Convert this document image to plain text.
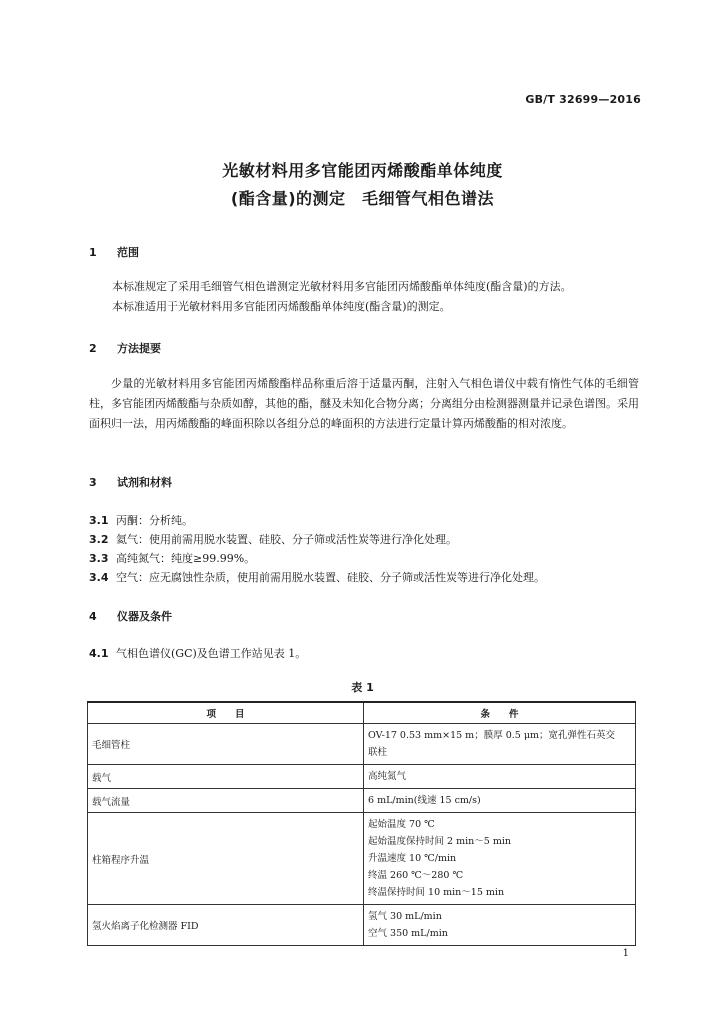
GB/T 32699—2016
光敏材料用多官能团丙烯酸酯单体纯度
(酯含量)的测定　毛细管气相色谱法
1 范围
本标准规定了采用毛细管气相色谱测定光敏材料用多官能团丙烯酸酯单体纯度(酯含量)的方法。
本标准适用于光敏材料用多官能团丙烯酸酯单体纯度(酯含量)的测定。
2 方法提要
少量的光敏材料用多官能团丙烯酸酯样品称重后溶于适量丙酮，注射入气相色谱仪中载有惰性气体的毛细管柱，多官能团丙烯酸酯与杂质如醇，其他的酯，醚及未知化合物分离；分离组分由检测器测量并记录色谱图。采用面积归一法，用丙烯酸酯的峰面积除以各组分总的峰面积的方法进行定量计算丙烯酸酯的相对浓度。
3 试剂和材料
3.1 丙酮：分析纯。
3.2 氦气：使用前需用脱水装置、硅胶、分子筛或活性炭等进行净化处理。
3.3 高纯氮气：纯度≥99.99%。
3.4 空气：应无腐蚀性杂质，使用前需用脱水装置、硅胶、分子筛或活性炭等进行净化处理。
4 仪器及条件
4.1 气相色谱仪(GC)及色谱工作站见表 1。
表 1
项　　目	条　　件
毛细管柱	OV-17 0.53 mm×15 m；膜厚 0.5 μm；宽孔弹性石英交
联柱

载气	高纯氮气

载气流量	6 mL/min(线速 15 cm/s)

柱箱程序升温	起始温度 70 ℃
起始温度保持时间 2 min～5 min
升温速度 10 ℃/min
终温 260 ℃～280 ℃
终温保持时间 10 min～15 min

氢火焰离子化检测器 FID	氢气 30 mL/min
空气 350 mL/min
1
